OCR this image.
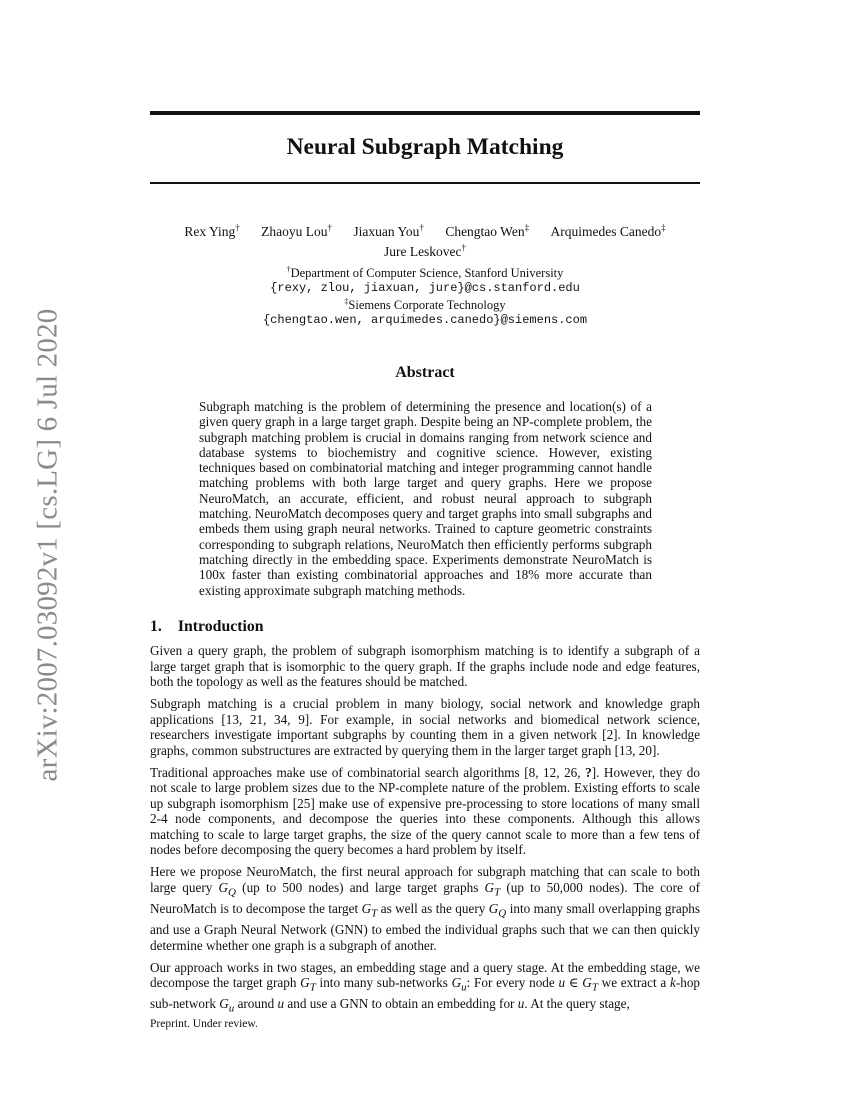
arXiv:2007.03092v1 [cs.LG] 6 Jul 2020
Neural Subgraph Matching
Rex Ying† Zhaoyu Lou† Jiaxuan You† Chengtao Wen‡ Arquimedes Canedo‡
Jure Leskovec†
†Department of Computer Science, Stanford University
{rexy, zlou, jiaxuan, jure}@cs.stanford.edu
‡Siemens Corporate Technology
{chengtao.wen, arquimedes.canedo}@siemens.com
Abstract

Subgraph matching is the problem of determining the presence and location(s) of a given query graph in a large target graph. Despite being an NP-complete problem, the subgraph matching problem is crucial in domains ranging from network science and database systems to biochemistry and cognitive science. However, existing techniques based on combinatorial matching and integer programming cannot handle matching problems with both large target and query graphs. Here we propose NeuroMatch, an accurate, efficient, and robust neural approach to subgraph matching. NeuroMatch decomposes query and target graphs into small subgraphs and embeds them using graph neural networks. Trained to capture geometric constraints corresponding to subgraph relations, NeuroMatch then efficiently performs subgraph matching directly in the embedding space. Experiments demonstrate NeuroMatch is 100x faster than existing combinatorial approaches and 18% more accurate than existing approximate subgraph matching methods.

1. Introduction

Given a query graph, the problem of subgraph isomorphism matching is to identify a subgraph of a large target graph that is isomorphic to the query graph. If the graphs include node and edge features, both the topology as well as the features should be matched.

Subgraph matching is a crucial problem in many biology, social network and knowledge graph applications [13, 21, 34, 9]. For example, in social networks and biomedical network science, researchers investigate important subgraphs by counting them in a given network [2]. In knowledge graphs, common substructures are extracted by querying them in the larger target graph [13, 20].

Traditional approaches make use of combinatorial search algorithms [8, 12, 26, ?]. However, they do not scale to large problem sizes due to the NP-complete nature of the problem. Existing efforts to scale up subgraph isomorphism [25] make use of expensive pre-processing to store locations of many small 2-4 node components, and decompose the queries into these components. Although this allows matching to scale to large target graphs, the size of the query cannot scale to more than a few tens of nodes before decomposing the query becomes a hard problem by itself.

Here we propose NeuroMatch, the first neural approach for subgraph matching that can scale to both large query $G_Q$ (up to 500 nodes) and large target graphs $G_T$ (up to 50,000 nodes). The core of NeuroMatch is to decompose the target $G_T$ as well as the query $G_Q$ into many small overlapping graphs and use a Graph Neural Network (GNN) to embed the individual graphs such that we can then quickly determine whether one graph is a subgraph of another.

Our approach works in two stages, an embedding stage and a query stage. At the embedding stage, we decompose the target graph $G_T$ into many sub-networks $G_u$: For every node u ∈ $G_T$ we extract a k-hop sub-network $G_u$ around u and use a GNN to obtain an embedding for u. At the query stage,

Preprint. Under review.
